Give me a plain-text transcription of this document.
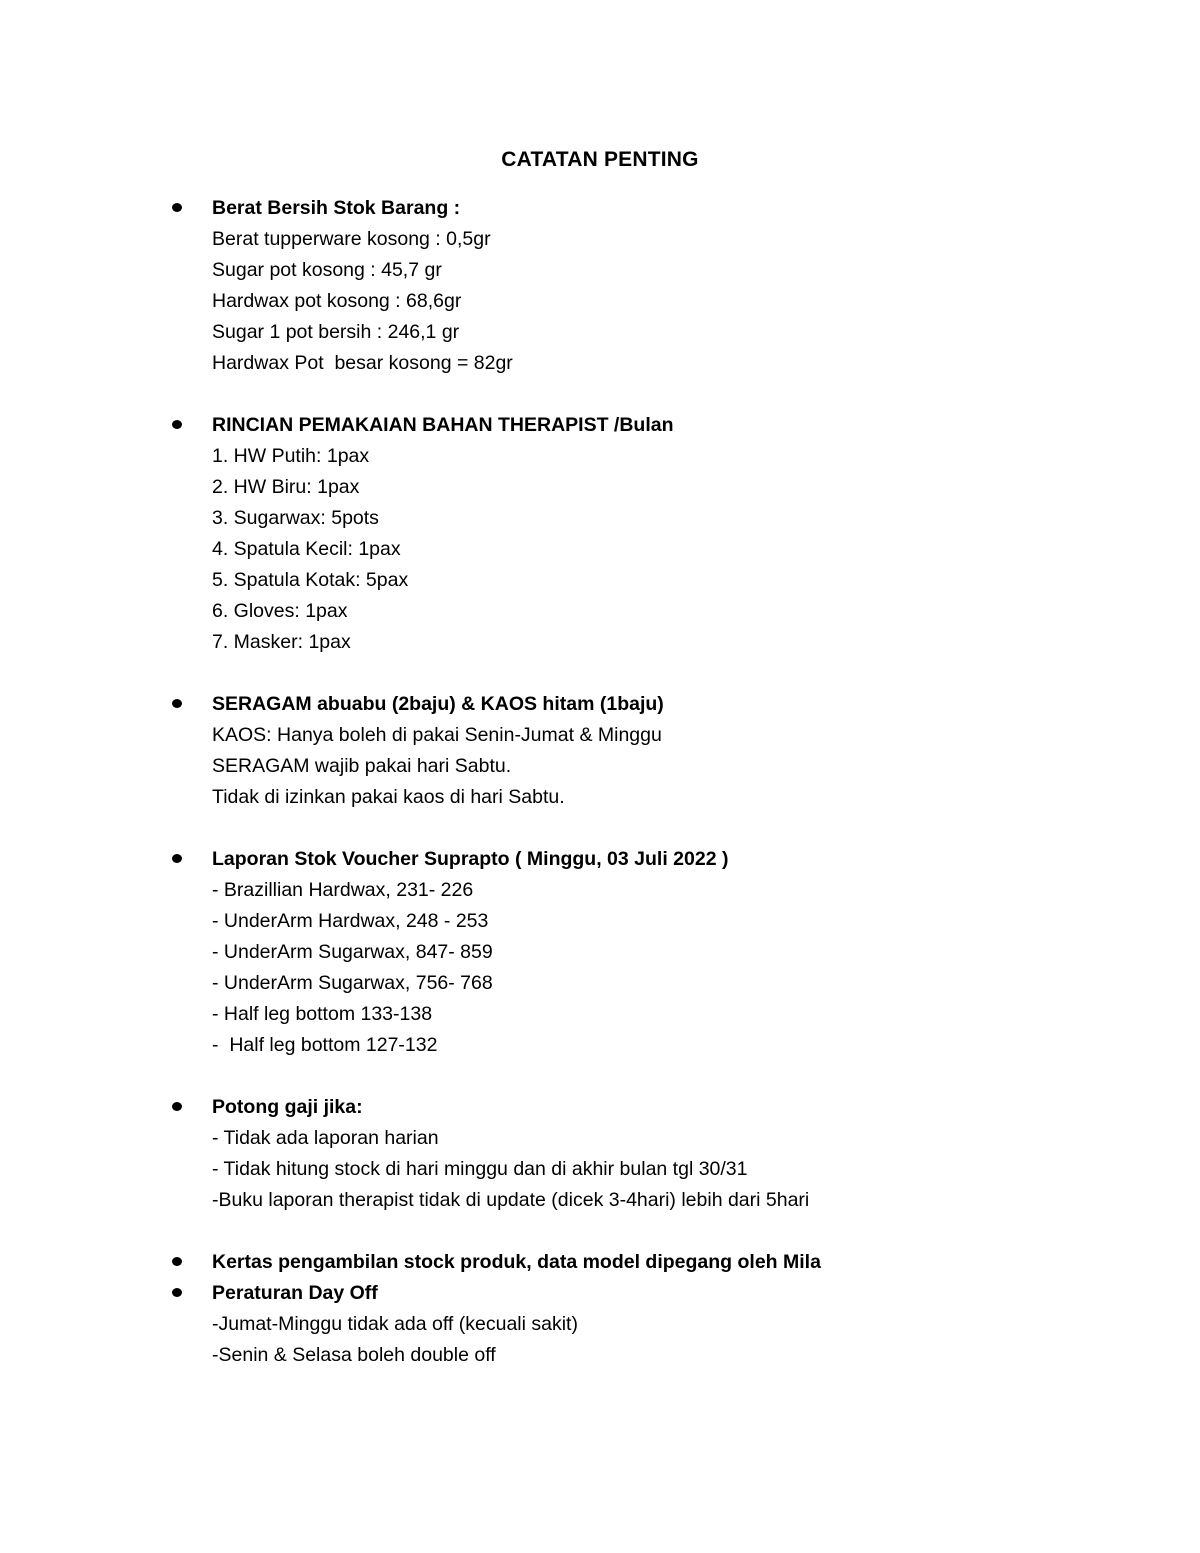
CATATAN PENTING
Berat Bersih Stok Barang :
Berat tupperware kosong : 0,5gr
Sugar pot kosong : 45,7 gr
Hardwax pot kosong : 68,6gr
Sugar 1 pot bersih : 246,1 gr
Hardwax Pot  besar kosong = 82gr
RINCIAN PEMAKAIAN BAHAN THERAPIST /Bulan
1. HW Putih: 1pax
2. HW Biru: 1pax
3. Sugarwax: 5pots
4. Spatula Kecil: 1pax
5. Spatula Kotak: 5pax
6. Gloves: 1pax
7. Masker: 1pax
SERAGAM abuabu (2baju) & KAOS hitam (1baju)
KAOS: Hanya boleh di pakai Senin-Jumat & Minggu
SERAGAM wajib pakai hari Sabtu.
Tidak di izinkan pakai kaos di hari Sabtu.
Laporan Stok Voucher Suprapto ( Minggu, 03 Juli 2022 )
- Brazillian Hardwax, 231- 226
- UnderArm Hardwax, 248 - 253
- UnderArm Sugarwax, 847- 859
- UnderArm Sugarwax, 756- 768
- Half leg bottom 133-138
-  Half leg bottom 127-132
Potong gaji jika:
- Tidak ada laporan harian
- Tidak hitung stock di hari minggu dan di akhir bulan tgl 30/31
-Buku laporan therapist tidak di update (dicek 3-4hari) lebih dari 5hari
Kertas pengambilan stock produk, data model dipegang oleh Mila
Peraturan Day Off
-Jumat-Minggu tidak ada off (kecuali sakit)
-Senin & Selasa boleh double off
